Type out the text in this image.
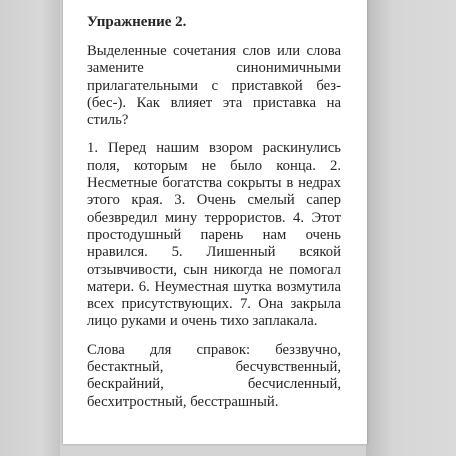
Упражнение 2.

Выделенные сочетания слов или слова замените синонимичными прилагательными с приставкой без- (бес-). Как влияет эта приставка на стиль?

1. Перед нашим взором раскинулись поля, которым не было конца. 2. Несметные богатства сокрыты в недрах этого края. 3. Очень смелый сапер обезвредил мину террористов. 4. Этот простодушный парень нам очень нравился. 5. Лишенный всякой отзывчивости, сын никогда не помогал матери. 6. Неуместная шутка возмутила всех присутствующих. 7. Она закрыла лицо руками и очень тихо заплакала.

Слова для справок: беззвучно, бестактный, бесчувственный, бескрайний, бесчисленный, бесхитростный, бесстрашный.
